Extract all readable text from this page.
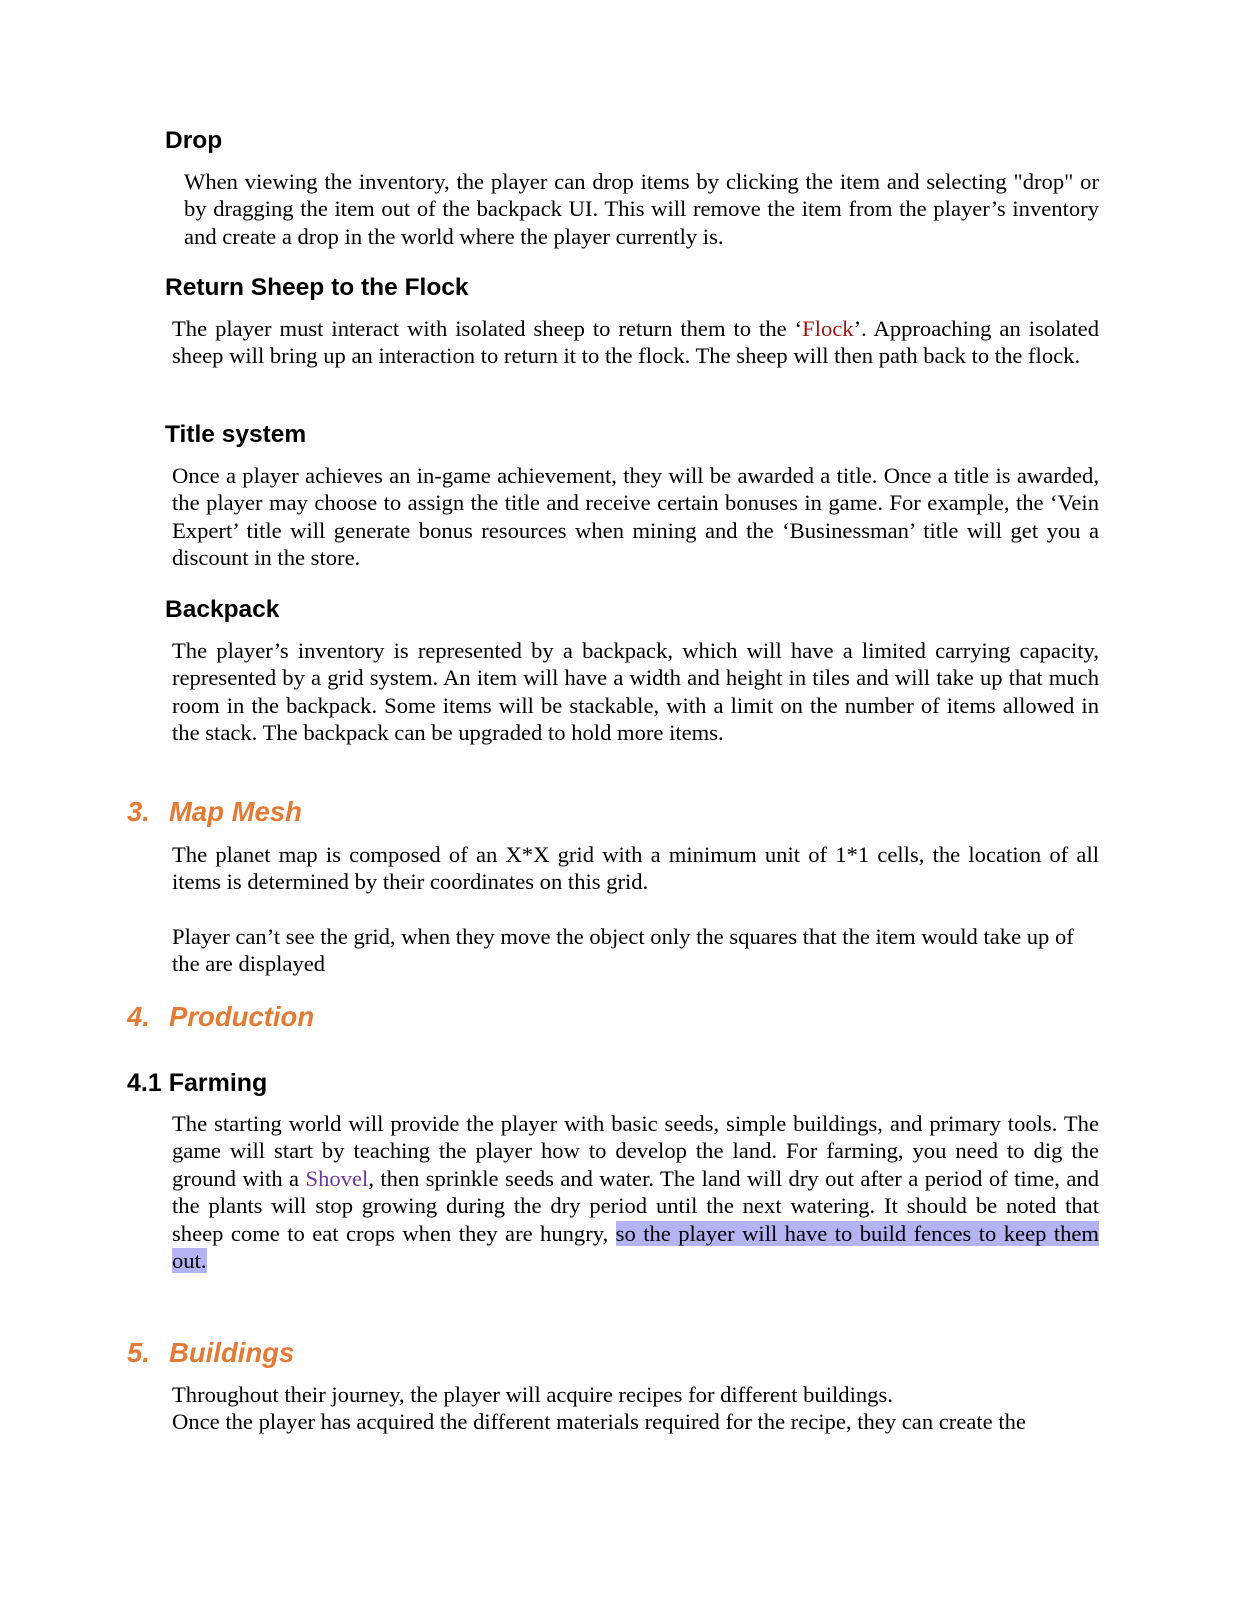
Drop

When viewing the inventory, the player can drop items by clicking the item and selecting "drop" or by dragging the item out of the backpack UI. This will remove the item from the player’s inventory and create a drop in the world where the player currently is.

Return Sheep to the Flock

The player must interact with isolated sheep to return them to the ‘Flock’. Approaching an isolated sheep will bring up an interaction to return it to the flock. The sheep will then path back to the flock.

Title system

Once a player achieves an in-game achievement, they will be awarded a title. Once a title is awarded, the player may choose to assign the title and receive certain bonuses in game. For example, the ‘Vein Expert’ title will generate bonus resources when mining and the ‘Businessman’ title will get you a discount in the store.

Backpack

The player’s inventory is represented by a backpack, which will have a limited carrying capacity, represented by a grid system. An item will have a width and height in tiles and will take up that much room in the backpack. Some items will be stackable, with a limit on the number of items allowed in the stack. The backpack can be upgraded to hold more items.

3. Map Mesh

The planet map is composed of an X*X grid with a minimum unit of 1*1 cells, the location of all items is determined by their coordinates on this grid.

Player can’t see the grid, when they move the object only the squares that the item would take up of the are displayed

4. Production
4.1 Farming

The starting world will provide the player with basic seeds, simple buildings, and primary tools. The game will start by teaching the player how to develop the land. For farming, you need to dig the ground with a Shovel, then sprinkle seeds and water. The land will dry out after a period of time, and the plants will stop growing during the dry period until the next watering. It should be noted that sheep come to eat crops when they are hungry, so the player will have to build fences to keep them out.

5. Buildings

Throughout their journey, the player will acquire recipes for different buildings.

Once the player has acquired the different materials required for the recipe, they can create the
